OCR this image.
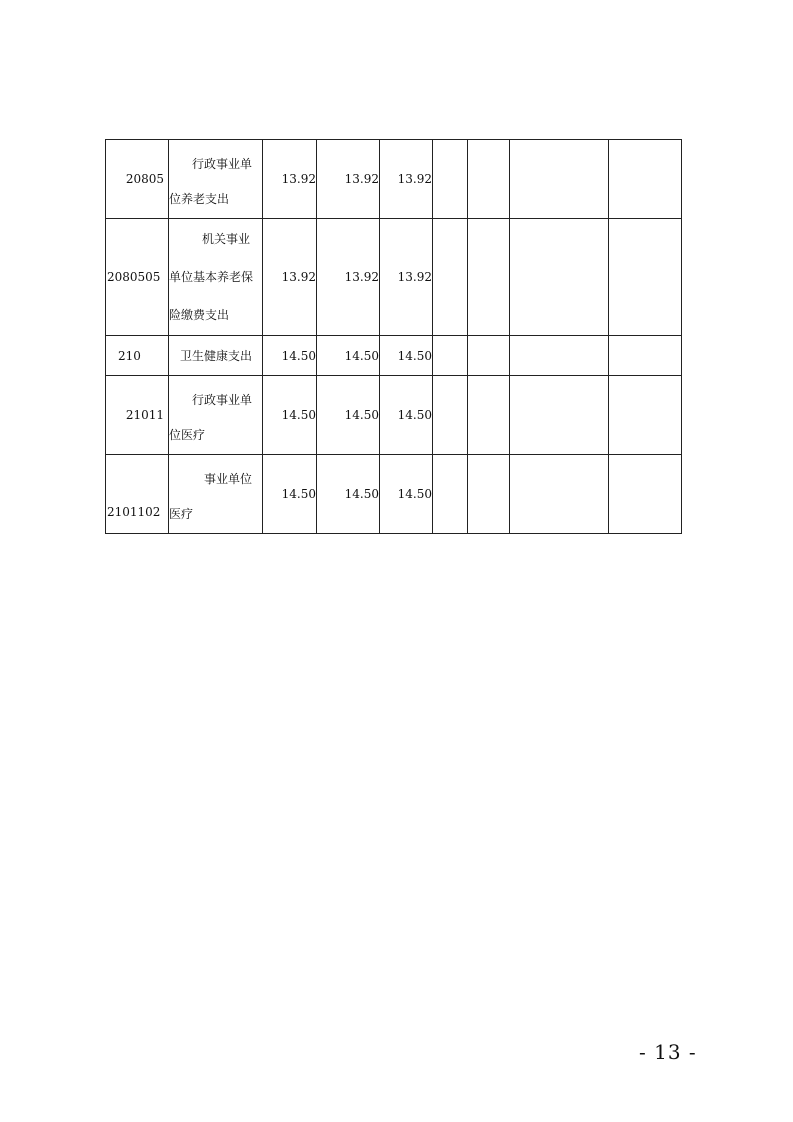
20805	行政事业单
位养老支出	13.92	13.92	13.92				

2080505	机关事业
单位基本养老保
险缴费支出	13.92	13.92	13.92				

210	卫生健康支出	14.50	14.50	14.50				

21011	行政事业单
位医疗	14.50	14.50	14.50				

2101102	事业单位
医疗	14.50	14.50	14.50				
- 13 -
